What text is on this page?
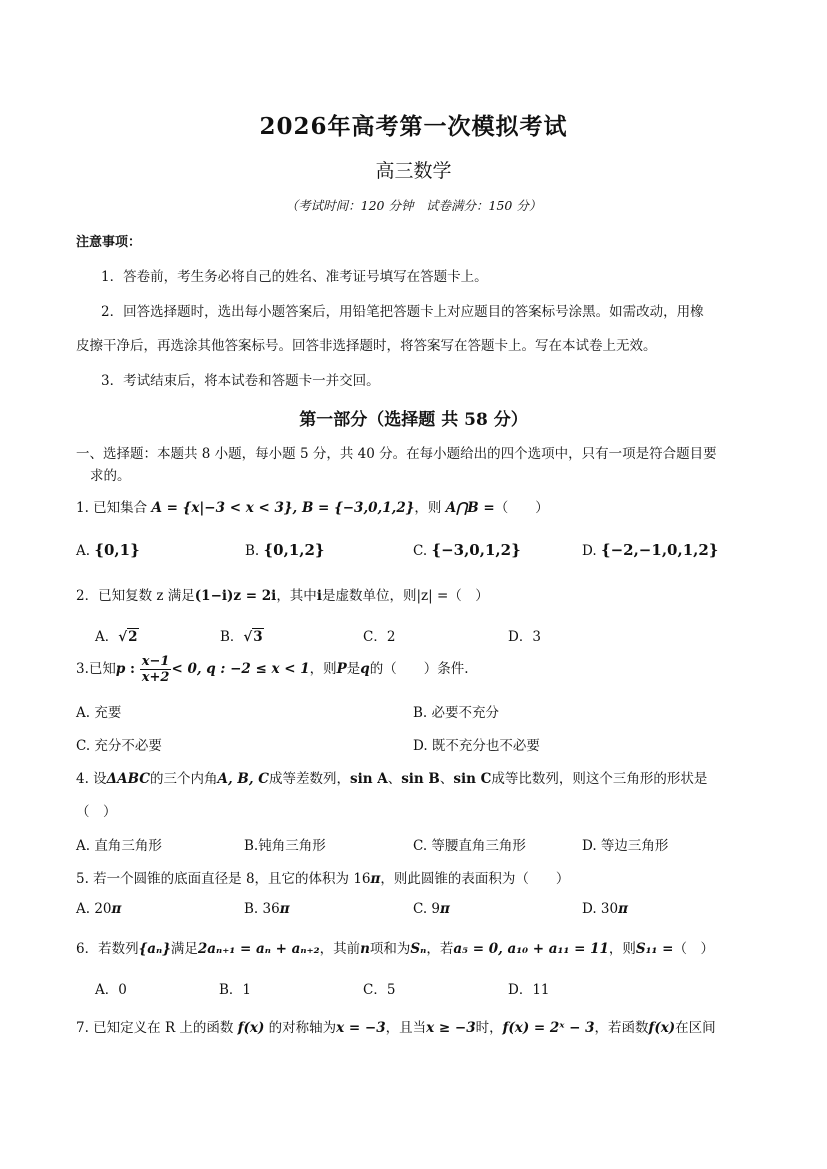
2026年高考第一次模拟考试
高三数学
（考试时间：120 分钟　试卷满分：150 分）
注意事项：
1．答卷前，考生务必将自己的姓名、准考证号填写在答题卡上。
2．回答选择题时，选出每小题答案后，用铅笔把答题卡上对应题目的答案标号涂黑。如需改动，用橡
皮擦干净后，再选涂其他答案标号。回答非选择题时，将答案写在答题卡上。写在本试卷上无效。
3．考试结束后，将本试卷和答题卡一并交回。
第一部分（选择题 共 58 分）
一、选择题：本题共 8 小题，每小题 5 分，共 40 分。在每小题给出的四个选项中，只有一项是符合题目要
求的。
1. 已知集合 A = {x|−3 < x < 3}, B = {−3,0,1,2}，则 A⋂B =（　　）
A. {0,1}	B. {0,1,2}	C. {−3,0,1,2}	D. {−2,−1,0,1,2}
2．已知复数 z 满足(1−i)z = 2i，其中i是虚数单位，则|z| =（　）
A．√2	B．√3	C．2	D．3
3.已知p : $\frac{x-1}{x+2} < 0$, q : −2 ≤ x < 1，则P是q的（　　）条件.
A. 充要	B. 必要不充分
C. 充分不必要	D. 既不充分也不必要
4. 设ΔABC的三个内角A, B, C成等差数列，sin A、sin B、sin C成等比数列，则这个三角形的形状是
（　）
A. 直角三角形	B.钝角三角形	C. 等腰直角三角形	D. 等边三角形
5. 若一个圆锥的底面直径是 8，且它的体积为 16π，则此圆锥的表面积为（　　）
A. 20π	B. 36π	C. 9π	D. 30π
6．若数列{aₙ}满足2aₙ₊₁ = aₙ + aₙ₊₂，其前n项和为Sₙ，若a₅ = 0, a₁₀ + a₁₁ = 11，则S₁₁ =（　）
A．0	B．1	C．5	D．11
7. 已知定义在 R 上的函数 f(x) 的对称轴为x = −3，且当x ≥ −3时，f(x) = 2ˣ − 3，若函数f(x)在区间
